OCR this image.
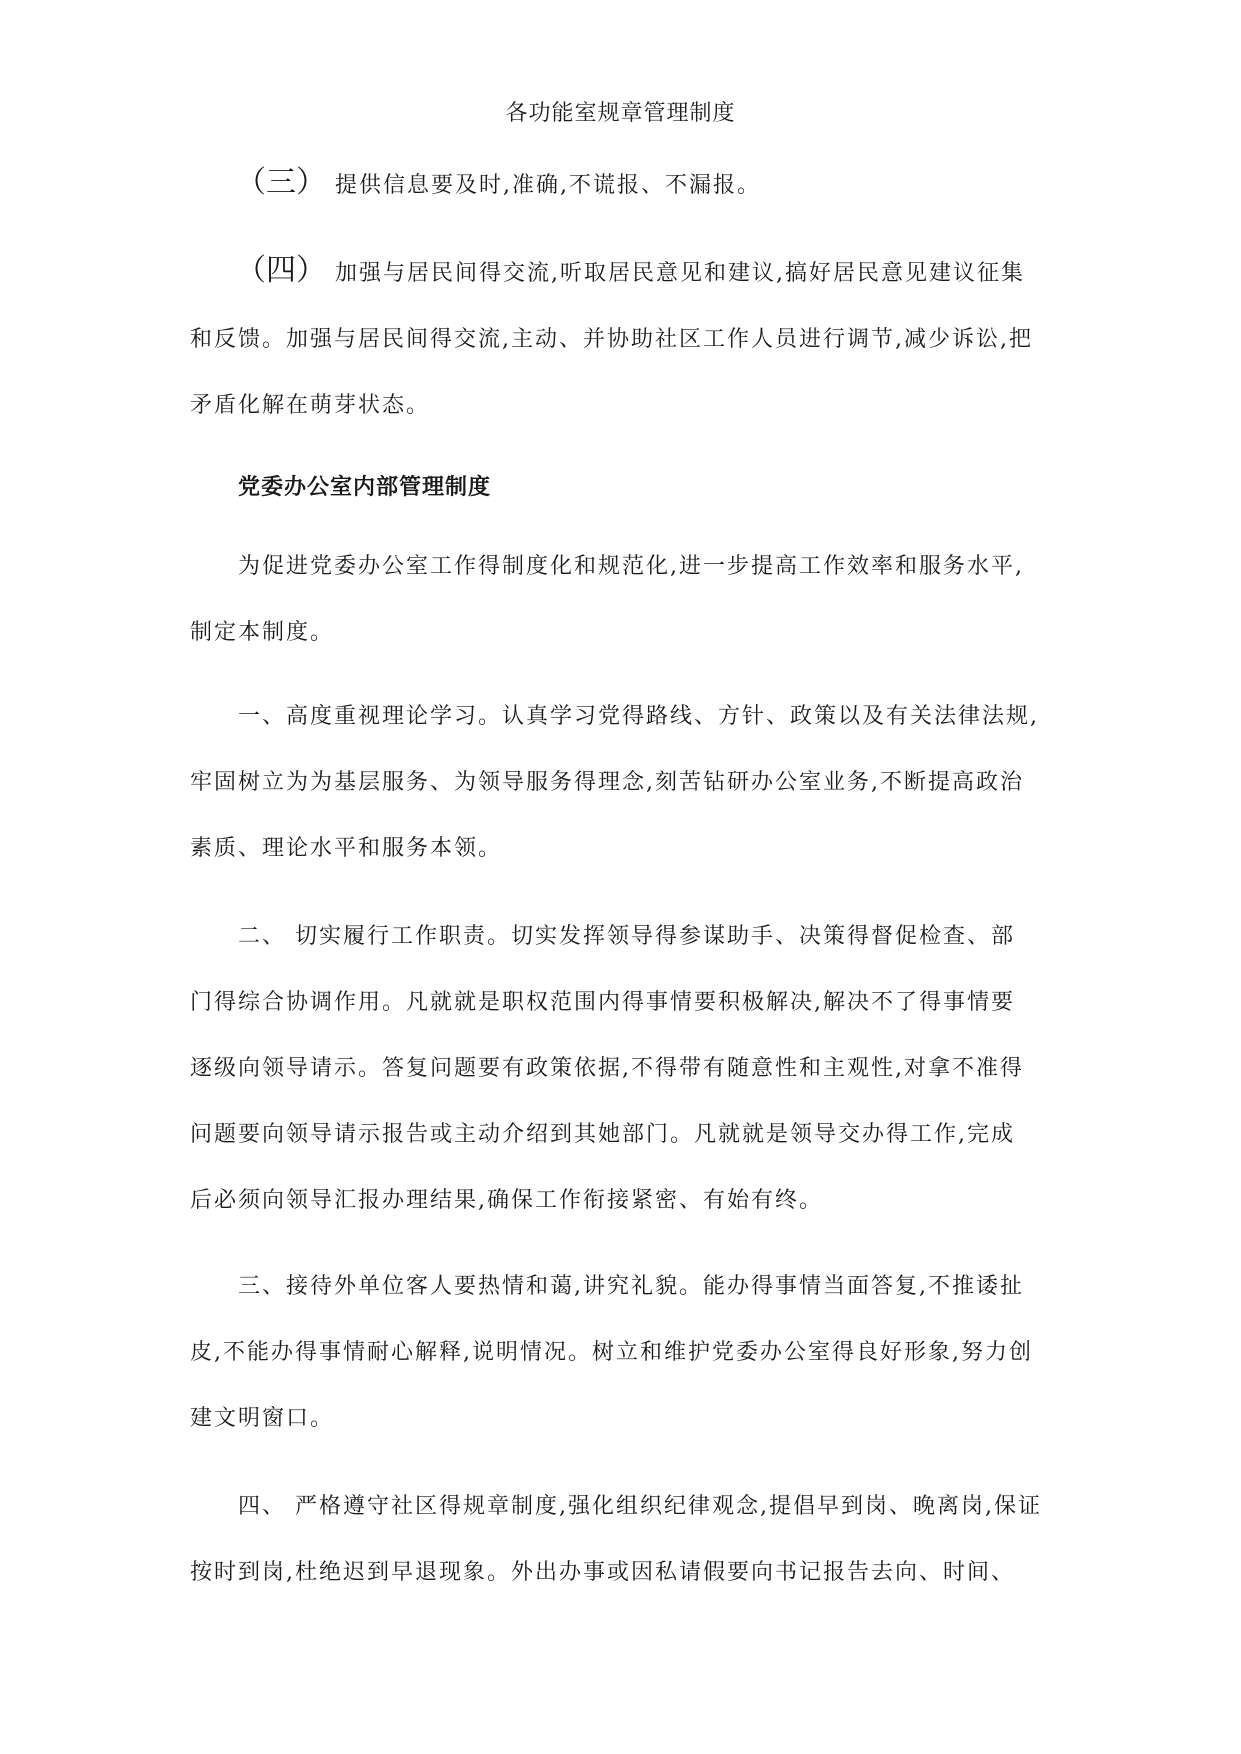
各功能室规章管理制度
（三） 提供信息要及时,准确,不谎报、不漏报。
（四） 加强与居民间得交流,听取居民意见和建议,搞好居民意见建议征集
和反馈。加强与居民间得交流,主动、并协助社区工作人员进行调节,减少诉讼,把
矛盾化解在萌芽状态。
党委办公室内部管理制度
为促进党委办公室工作得制度化和规范化,进一步提高工作效率和服务水平,
制定本制度。
一、高度重视理论学习。认真学习党得路线、方针、政策以及有关法律法规,
牢固树立为为基层服务、为领导服务得理念,刻苦钻研办公室业务,不断提高政治
素质、理论水平和服务本领。
二、 切实履行工作职责。切实发挥领导得参谋助手、决策得督促检查、部
门得综合协调作用。凡就就是职权范围内得事情要积极解决,解决不了得事情要
逐级向领导请示。答复问题要有政策依据,不得带有随意性和主观性,对拿不准得
问题要向领导请示报告或主动介绍到其她部门。凡就就是领导交办得工作,完成
后必须向领导汇报办理结果,确保工作衔接紧密、有始有终。
三、接待外单位客人要热情和蔼,讲究礼貌。能办得事情当面答复,不推诿扯
皮,不能办得事情耐心解释,说明情况。树立和维护党委办公室得良好形象,努力创
建文明窗口。
四、 严格遵守社区得规章制度,强化组织纪律观念,提倡早到岗、晚离岗,保证
按时到岗,杜绝迟到早退现象。外出办事或因私请假要向书记报告去向、时间、
